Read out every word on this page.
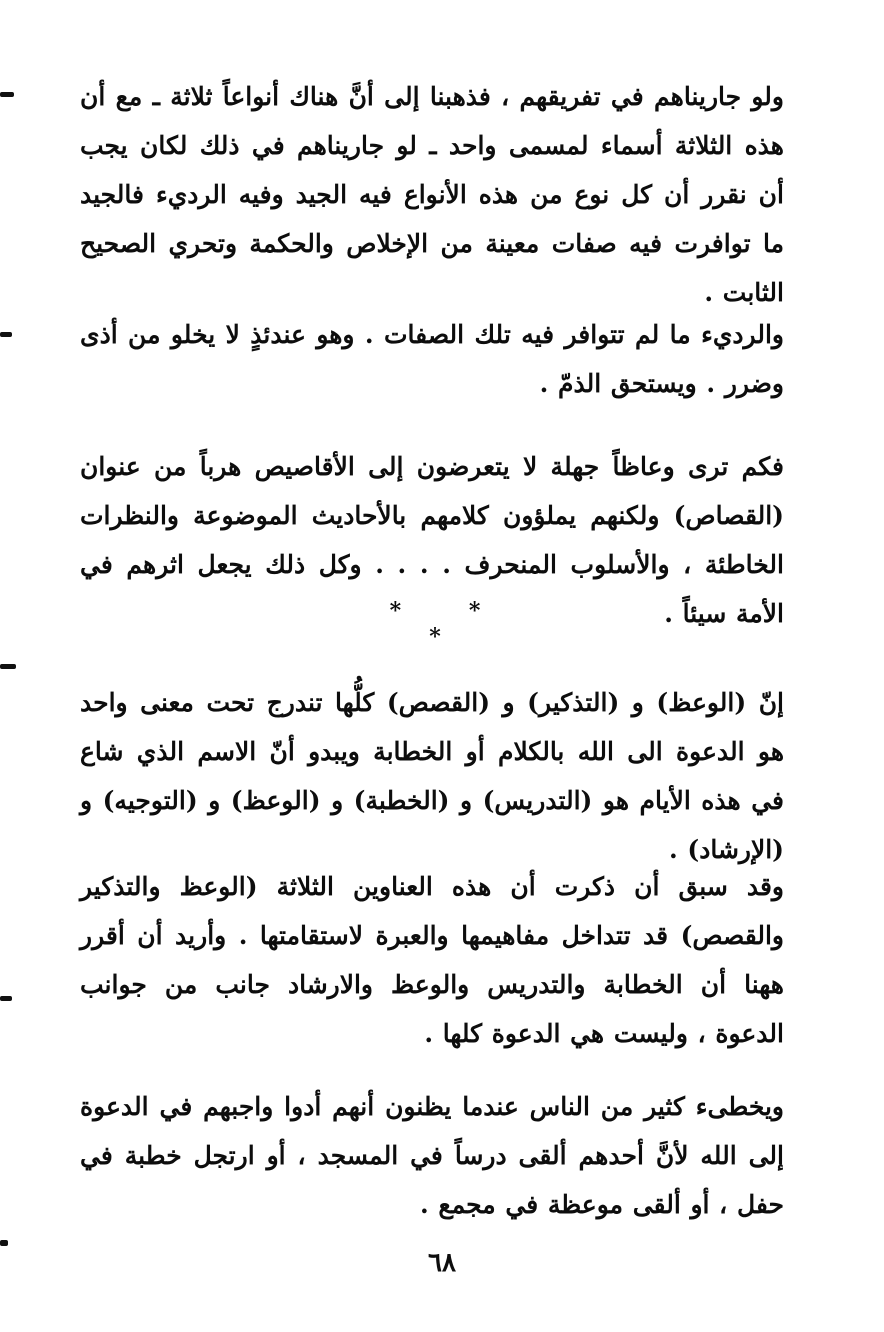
ولو جاريناهم في تفريقهم ، فذهبنا إلى أنَّ هناك أنواعاً ثلاثة ـ مع أن هذه الثلاثة أسماء لمسمى واحد ـ لو جاريناهم في ذلك لكان يجب أن نقرر أن كل نوع من هذه الأنواع فيه الجيد وفيه الرديء فالجيد ما توافرت فيه صفات معينة من الإخلاص والحكمة وتحري الصحيح الثابت .

والرديء ما لم تتوافر فيه تلك الصفات . وهو عندئذٍ لا يخلو من أذى وضرر . ويستحق الذمّ .

فكم ترى وعاظاً جهلة لا يتعرضون إلى الأقاصيص هرباً من عنوان (القصاص) ولكنهم يملؤون كلامهم بالأحاديث الموضوعة والنظرات الخاطئة ، والأسلوب المنحرف . . . . وكل ذلك يجعل اثرهم في الأمة سيئاً .

* * *

إنّ (الوعظ) و (التذكير) و (القصص) كلُّها تندرج تحت معنى واحد هو الدعوة الى الله بالكلام أو الخطابة ويبدو أنّ الاسم الذي شاع في هذه الأيام هو (التدريس) و (الخطبة) و (الوعظ) و (التوجيه) و (الإرشاد) .

وقد سبق أن ذكرت أن هذه العناوين الثلاثة (الوعظ والتذكير والقصص) قد تتداخل مفاهيمها والعبرة لاستقامتها . وأريد أن أقرر ههنا أن الخطابة والتدريس والوعظ والارشاد جانب من جوانب الدعوة ، وليست هي الدعوة كلها .

ويخطىء كثير من الناس عندما يظنون أنهم أدوا واجبهم في الدعوة إلى الله لأنَّ أحدهم ألقى درساً في المسجد ، أو ارتجل خطبة في حفل ، أو ألقى موعظة في مجمع .

٦٨
